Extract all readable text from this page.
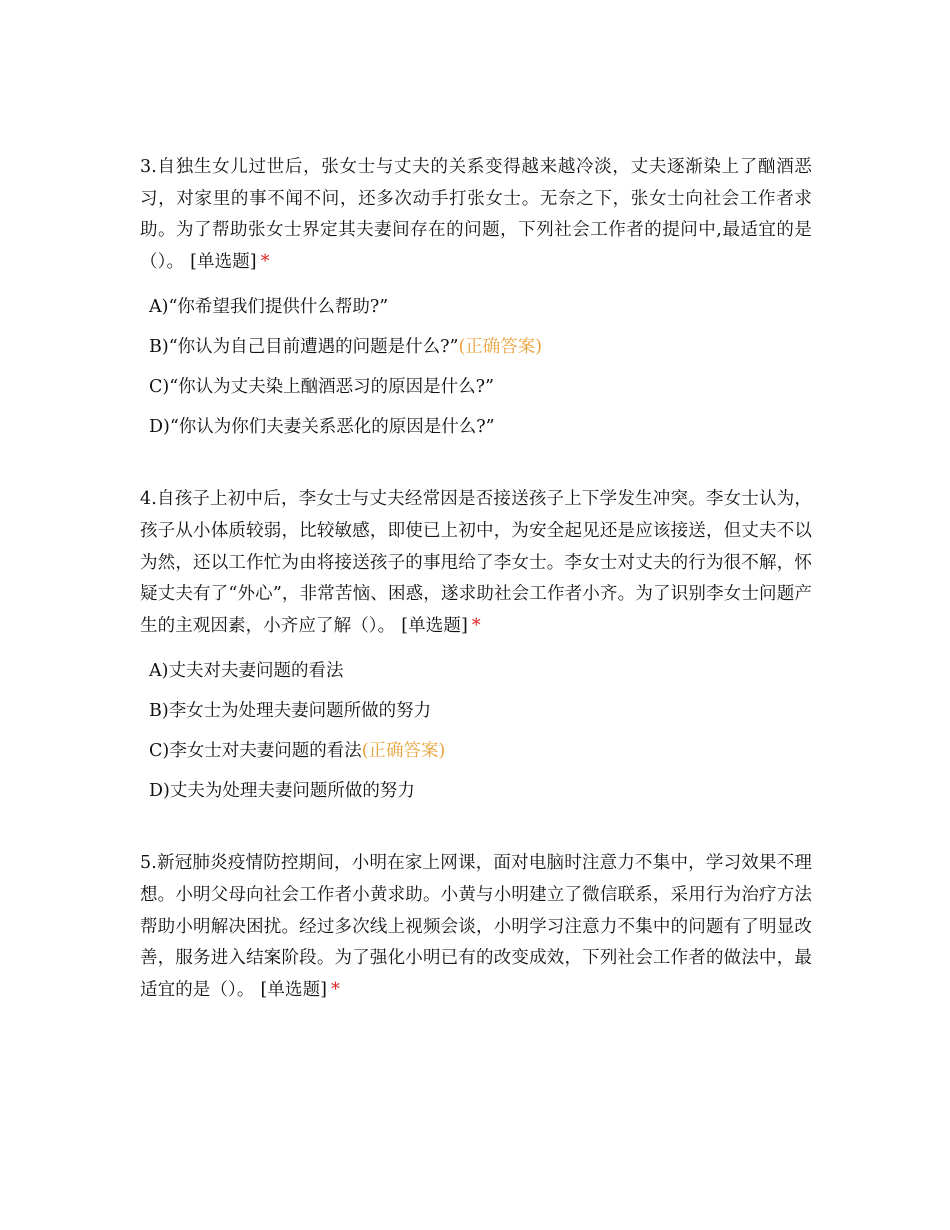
3.自独生女儿过世后，张女士与丈夫的关系变得越来越冷淡，丈夫逐渐染上了酗酒恶习，对家里的事不闻不问，还多次动手打张女士。无奈之下，张女士向社会工作者求助。为了帮助张女士界定其夫妻间存在的问题，下列社会工作者的提问中,最适宜的是（）。 [单选题] *

A)“你希望我们提供什么帮助?”
B)“你认为自己目前遭遇的问题是什么?”(正确答案)
C)“你认为丈夫染上酗酒恶习的原因是什么?”
D)“你认为你们夫妻关系恶化的原因是什么?”

4.自孩子上初中后，李女士与丈夫经常因是否接送孩子上下学发生冲突。李女士认为，孩子从小体质较弱，比较敏感，即使已上初中，为安全起见还是应该接送，但丈夫不以为然，还以工作忙为由将接送孩子的事甩给了李女士。李女士对丈夫的行为很不解，怀疑丈夫有了“外心”，非常苦恼、困惑，遂求助社会工作者小齐。为了识别李女士问题产生的主观因素，小齐应了解（）。 [单选题] *

A)丈夫对夫妻问题的看法
B)李女士为处理夫妻问题所做的努力
C)李女士对夫妻问题的看法(正确答案)
D)丈夫为处理夫妻问题所做的努力

5.新冠肺炎疫情防控期间，小明在家上网课，面对电脑时注意力不集中，学习效果不理想。小明父母向社会工作者小黄求助。小黄与小明建立了微信联系，采用行为治疗方法帮助小明解决困扰。经过多次线上视频会谈，小明学习注意力不集中的问题有了明显改善，服务进入结案阶段。为了强化小明已有的改变成效，下列社会工作者的做法中，最适宜的是（）。 [单选题] *
